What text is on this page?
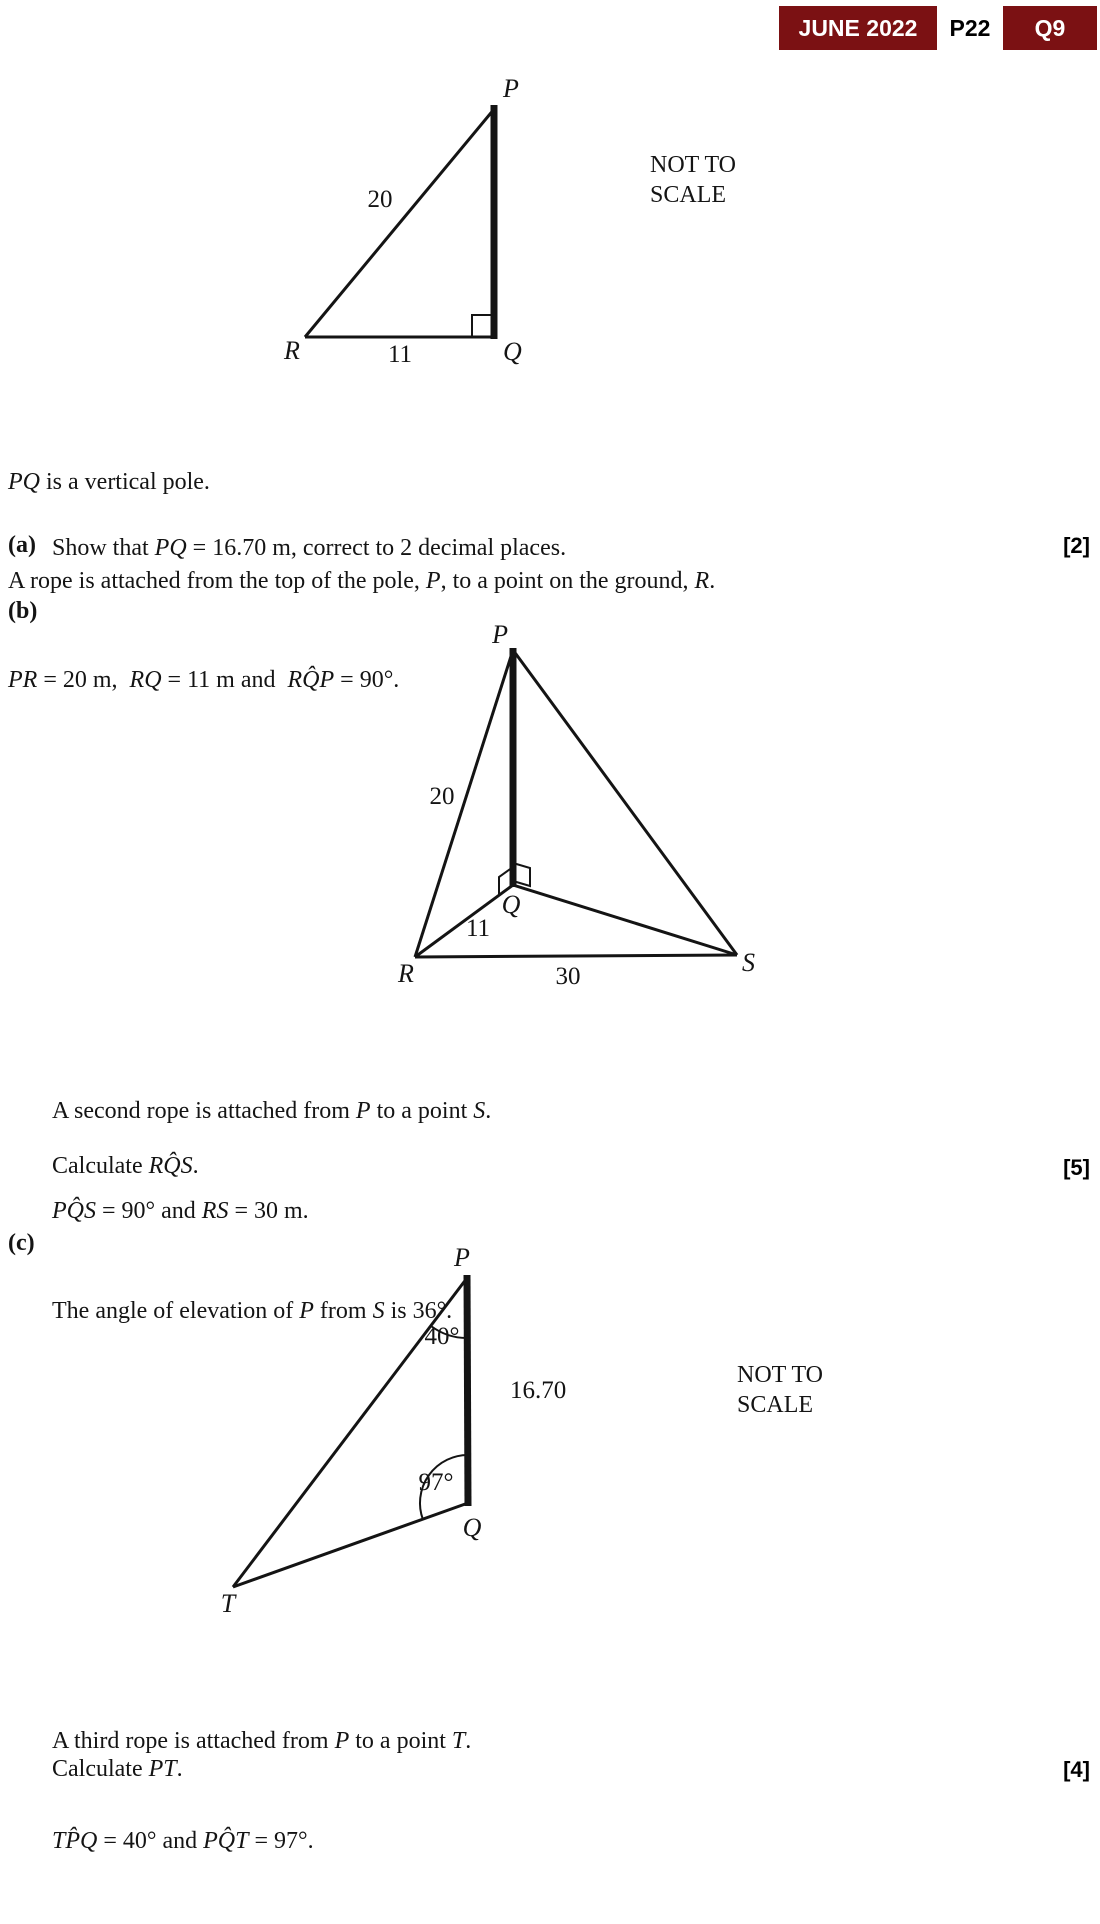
JUNE 2022	P22	Q9
P
R	Q
20
11
NOT TO
SCALE

PQ is a vertical pole.

A rope is attached from the top of the pole, P, to a point on the ground, R.

PR = 20 m,  RQ = 11 m and  RQ̂P = 90°.

(a) Show that PQ = 16.70 m, correct to 2 decimal places.	[2]
(b)
P
Q
R	S
20
11
30

A second rope is attached from P to a point S.

PQ̂S = 90° and RS = 30 m.

The angle of elevation of P from S is 36°.

Calculate RQ̂S.	[5]
(c)	P
Q
T
40°
97°
16.70
NOT TO
SCALE

A third rope is attached from P to a point T.

TP̂Q = 40° and PQ̂T = 97°.

Calculate PT.	[4]
